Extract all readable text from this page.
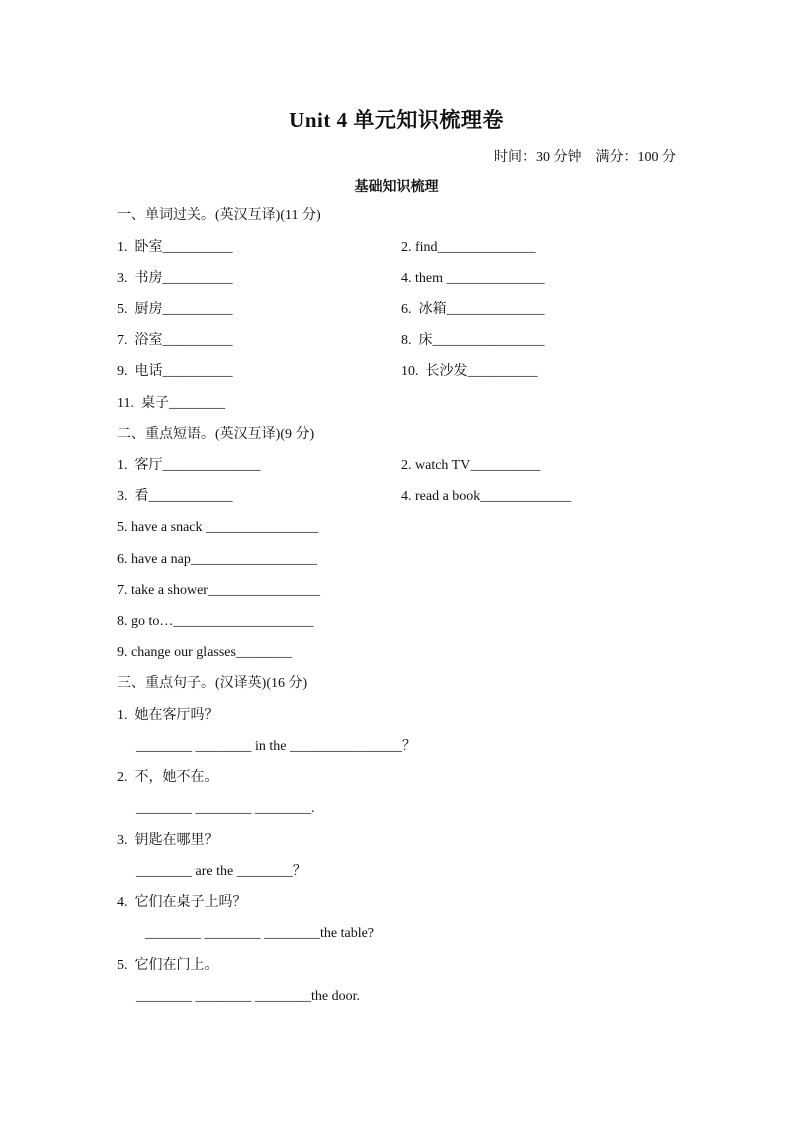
Unit 4 单元知识梳理卷
时间：30 分钟    满分：100 分
基础知识梳理
一、单词过关。(英汉互译)(11 分)
1.  卧室__________	2. find______________
3.  书房__________	4. them ______________
5.  厨房__________	6.  冰箱______________
7.  浴室__________	8.  床________________
9.  电话__________	10.  长沙发__________
11.  桌子________
二、重点短语。(英汉互译)(9 分)
1.  客厅______________	2. watch TV__________
3.  看____________	4. read a book_____________
5. have a snack ________________
6. have a nap__________________
7. take a shower________________
8. go to…____________________
9. change our glasses________
三、重点句子。(汉译英)(16 分)
1.  她在客厅吗？
________ ________ in the ________________？
2.  不，她不在。
________ ________ ________.
3.  钥匙在哪里？
________ are the ________？
4.  它们在桌子上吗？
________ ________ ________the table?
5.  它们在门上。
________ ________ ________the door.
